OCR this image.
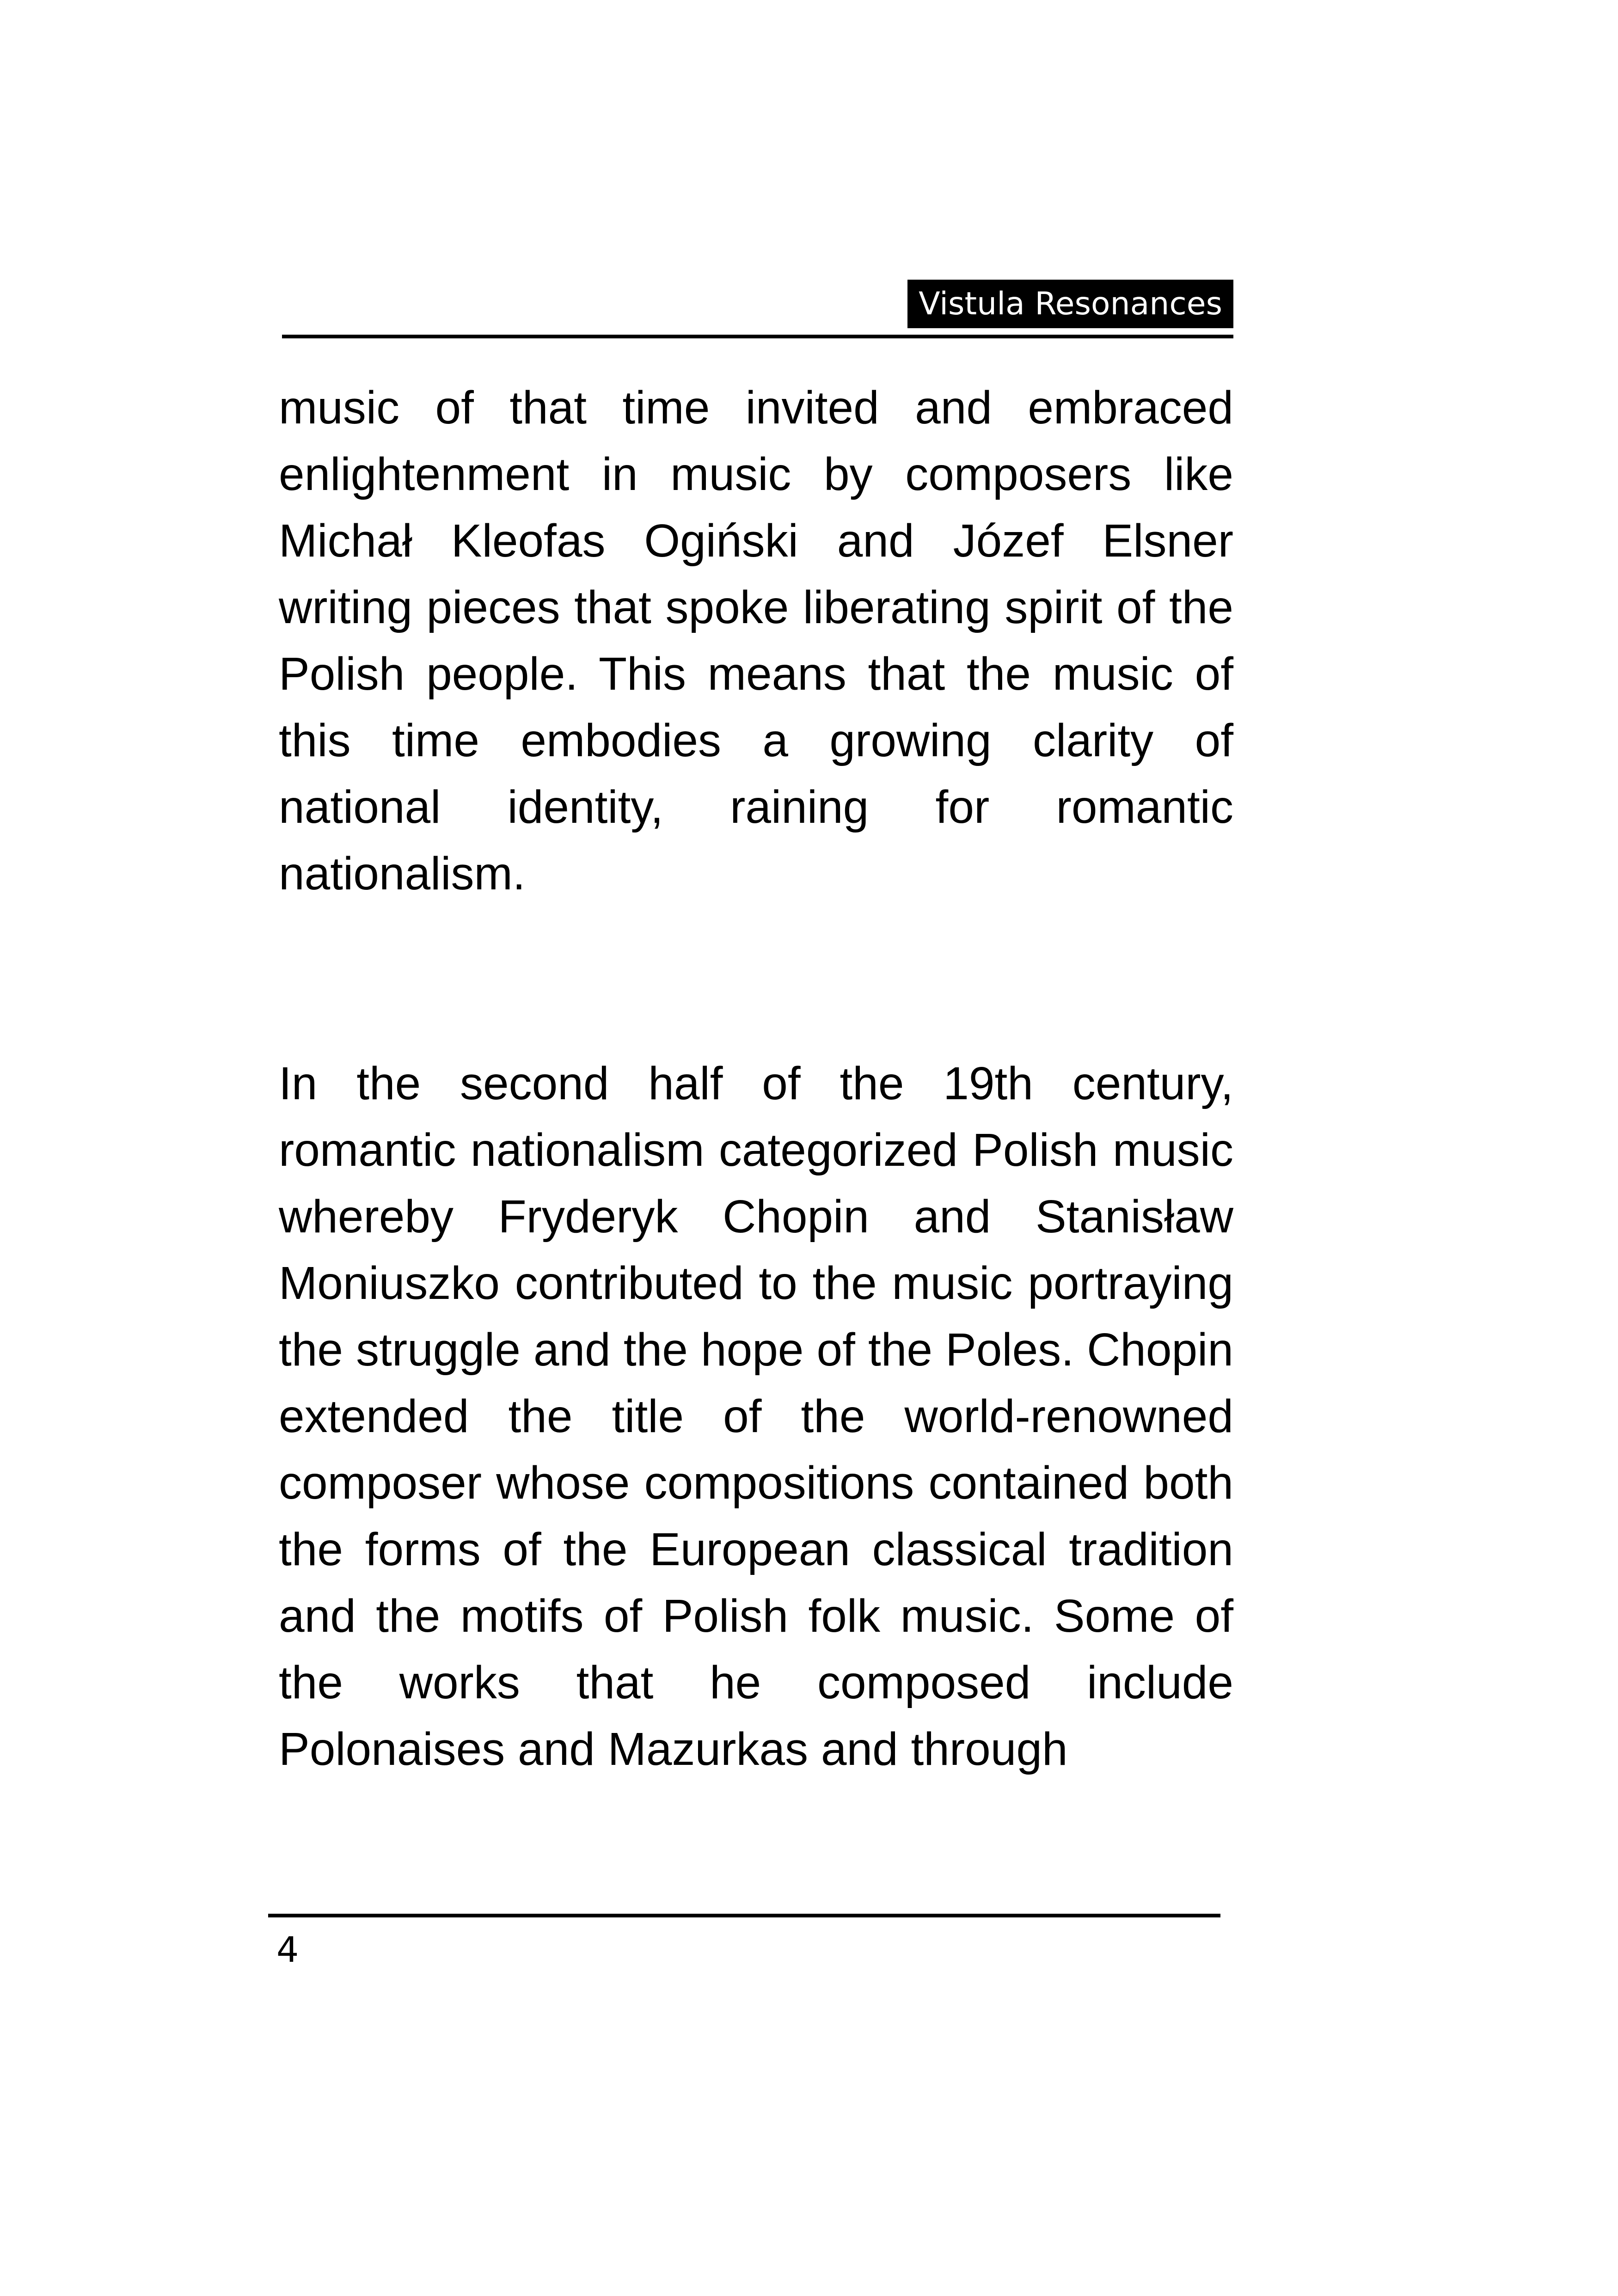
Vistula Resonances

music of that time invited and embraced enlightenment in music by composers like Michał Kleofas Ogiński and Józef Elsner writing pieces that spoke liberating spirit of the Polish people. This means that the music of this time embodies a growing clarity of national identity, raining for romantic nationalism.

In the second half of the 19th century, romantic nationalism categorized Polish music whereby Fryderyk Chopin and Stanisław Moniuszko contributed to the music portraying the struggle and the hope of the Poles. Chopin extended the title of the world-renowned composer whose compositions contained both the forms of the European classical tradition and the motifs of Polish folk music. Some of the works that he composed include Polonaises and Mazurkas and through

4
